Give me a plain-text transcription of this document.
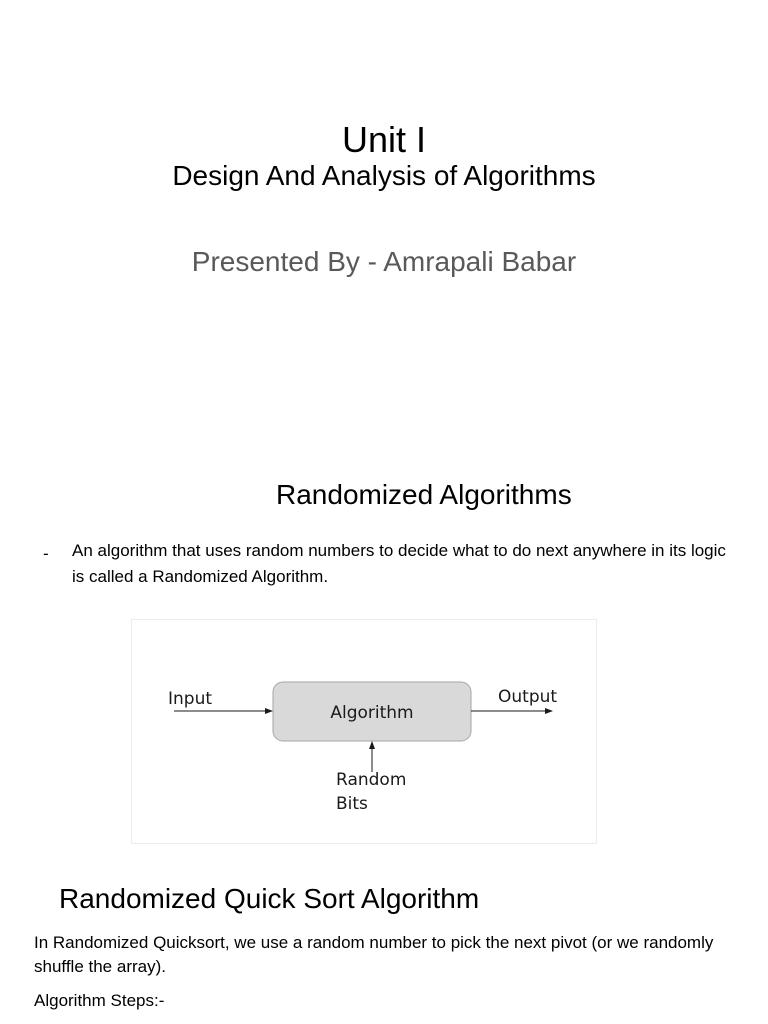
Unit I
Design And Analysis of Algorithms
Presented By - Amrapali Babar
Randomized Algorithms
- An algorithm that uses random numbers to decide what to do next anywhere in its logic is called a Randomized Algorithm.
Algorithm
Input	Output
Random
Bits
Randomized Quick Sort Algorithm
In Randomized Quicksort, we use a random number to pick the next pivot (or we randomly shuffle the array).
Algorithm Steps:-
